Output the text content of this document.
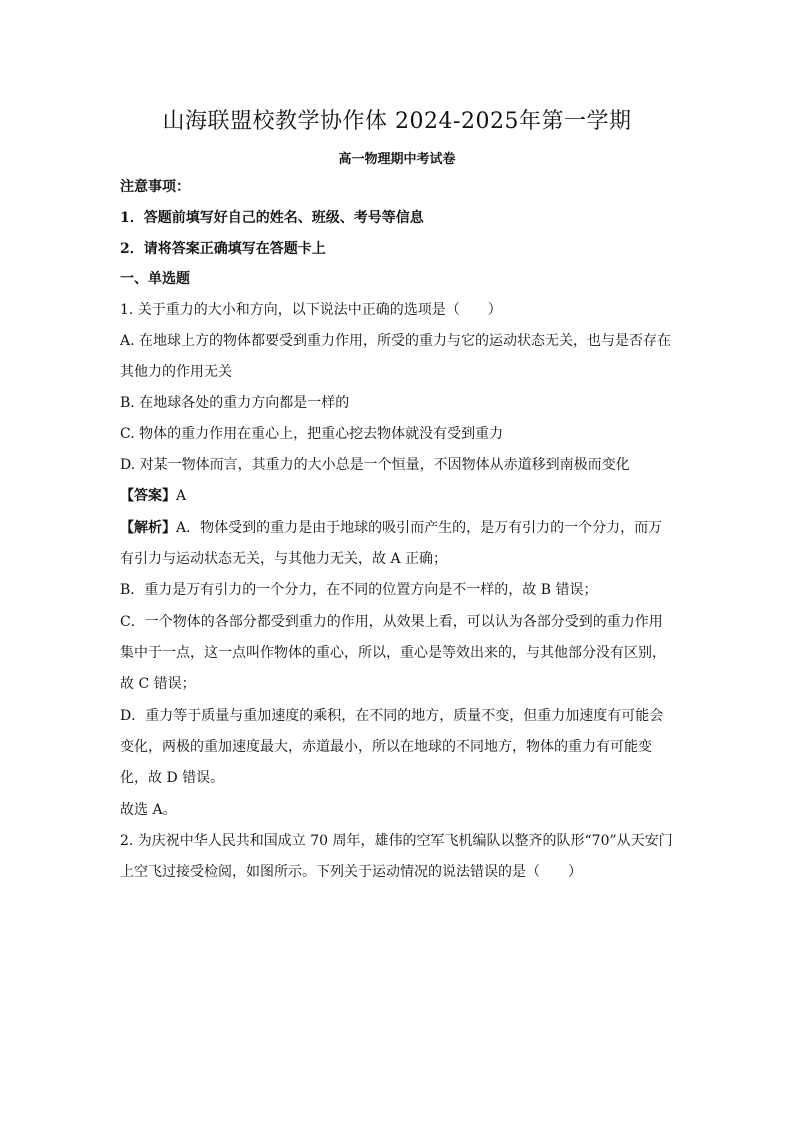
山海联盟校教学协作体 2024-2025年第一学期
高一物理期中考试卷
注意事项：
1．答题前填写好自己的姓名、班级、考号等信息
2．请将答案正确填写在答题卡上
一、单选题
1. 关于重力的大小和方向，以下说法中正确的选项是（　　）
A. 在地球上方的物体都要受到重力作用，所受的重力与它的运动状态无关，也与是否存在
其他力的作用无关
B. 在地球各处的重力方向都是一样的
C. 物体的重力作用在重心上，把重心挖去物体就没有受到重力
D. 对某一物体而言，其重力的大小总是一个恒量，不因物体从赤道移到南极而变化
【答案】A
【解析】A．物体受到的重力是由于地球的吸引而产生的，是万有引力的一个分力，而万
有引力与运动状态无关，与其他力无关，故 A 正确；
B．重力是万有引力的一个分力，在不同的位置方向是不一样的，故 B 错误；
C．一个物体的各部分都受到重力的作用，从效果上看，可以认为各部分受到的重力作用
集中于一点，这一点叫作物体的重心，所以，重心是等效出来的，与其他部分没有区别，
故 C 错误；
D．重力等于质量与重加速度的乘积，在不同的地方，质量不变，但重力加速度有可能会
变化，两极的重加速度最大，赤道最小，所以在地球的不同地方，物体的重力有可能变
化，故 D 错误。
故选 A。
2. 为庆祝中华人民共和国成立 70 周年，雄伟的空军飞机编队以整齐的队形“70”从天安门
上空飞过接受检阅，如图所示。下列关于运动情况的说法错误的是（　　）
